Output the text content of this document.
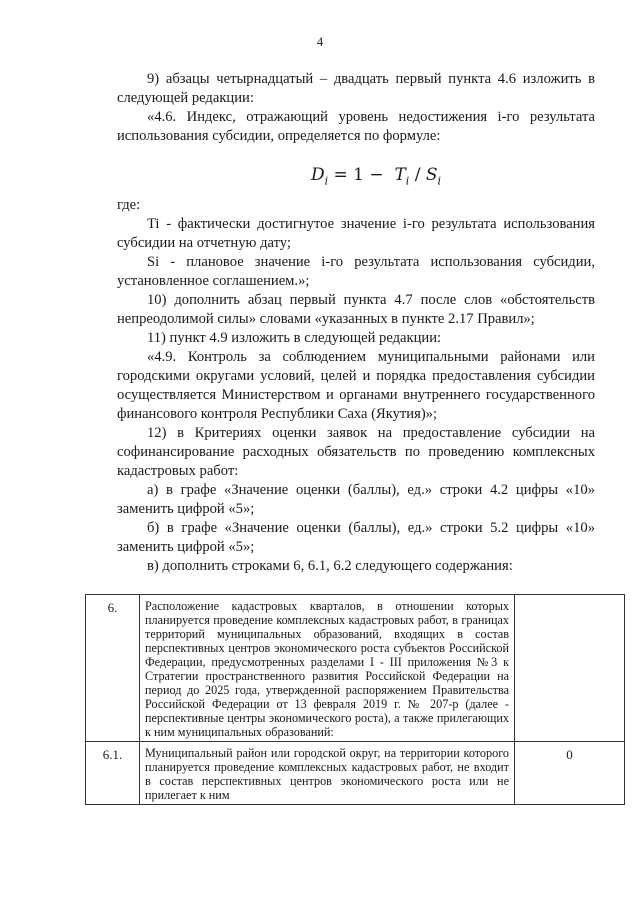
4

9) абзацы четырнадцатый – двадцать первый пункта 4.6 изложить в следующей редакции:

«4.6. Индекс, отражающий уровень недостижения i-го результата использования субсидии, определяется по формуле:

$D_i = 1 - T_i / S_i$

где:

Ti - фактически достигнутое значение i-го результата использования субсидии на отчетную дату;

Si - плановое значение i-го результата использования субсидии, установленное соглашением.»;

10) дополнить абзац первый пункта 4.7 после слов «обстоятельств непреодолимой силы» словами «указанных в пункте 2.17 Правил»;

11) пункт 4.9 изложить в следующей редакции:

«4.9. Контроль за соблюдением муниципальными районами или городскими округами условий, целей и порядка предоставления субсидии осуществляется Министерством и органами внутреннего государственного финансового контроля Республики Саха (Якутия)»;

12) в Критериях оценки заявок на предоставление субсидии на софинансирование расходных обязательств по проведению комплексных кадастровых работ:

а) в графе «Значение оценки (баллы), ед.» строки 4.2 цифры «10» заменить цифрой «5»;

б) в графе «Значение оценки (баллы), ед.» строки 5.2 цифры «10» заменить цифрой «5»;

в) дополнить строками 6, 6.1, 6.2 следующего содержания:

6.	Расположение кадастровых кварталов, в отношении которых планируется проведение комплексных кадастровых работ, в границах территорий муниципальных образований, входящих в состав перспективных центров экономического роста субъектов Российской Федерации, предусмотренных разделами I - III приложения №3 к Стратегии пространственного развития Российской Федерации на период до 2025 года, утвержденной распоряжением Правительства Российской Федерации от 13 февраля 2019 г. № 207-р (далее - перспективные центры экономического роста), а также прилегающих к ним муниципальных образований:	
6.1.	Муниципальный район или городской округ, на территории которого планируется проведение комплексных кадастровых работ, не входит в состав перспективных центров экономического роста или не прилегает к ним	0
